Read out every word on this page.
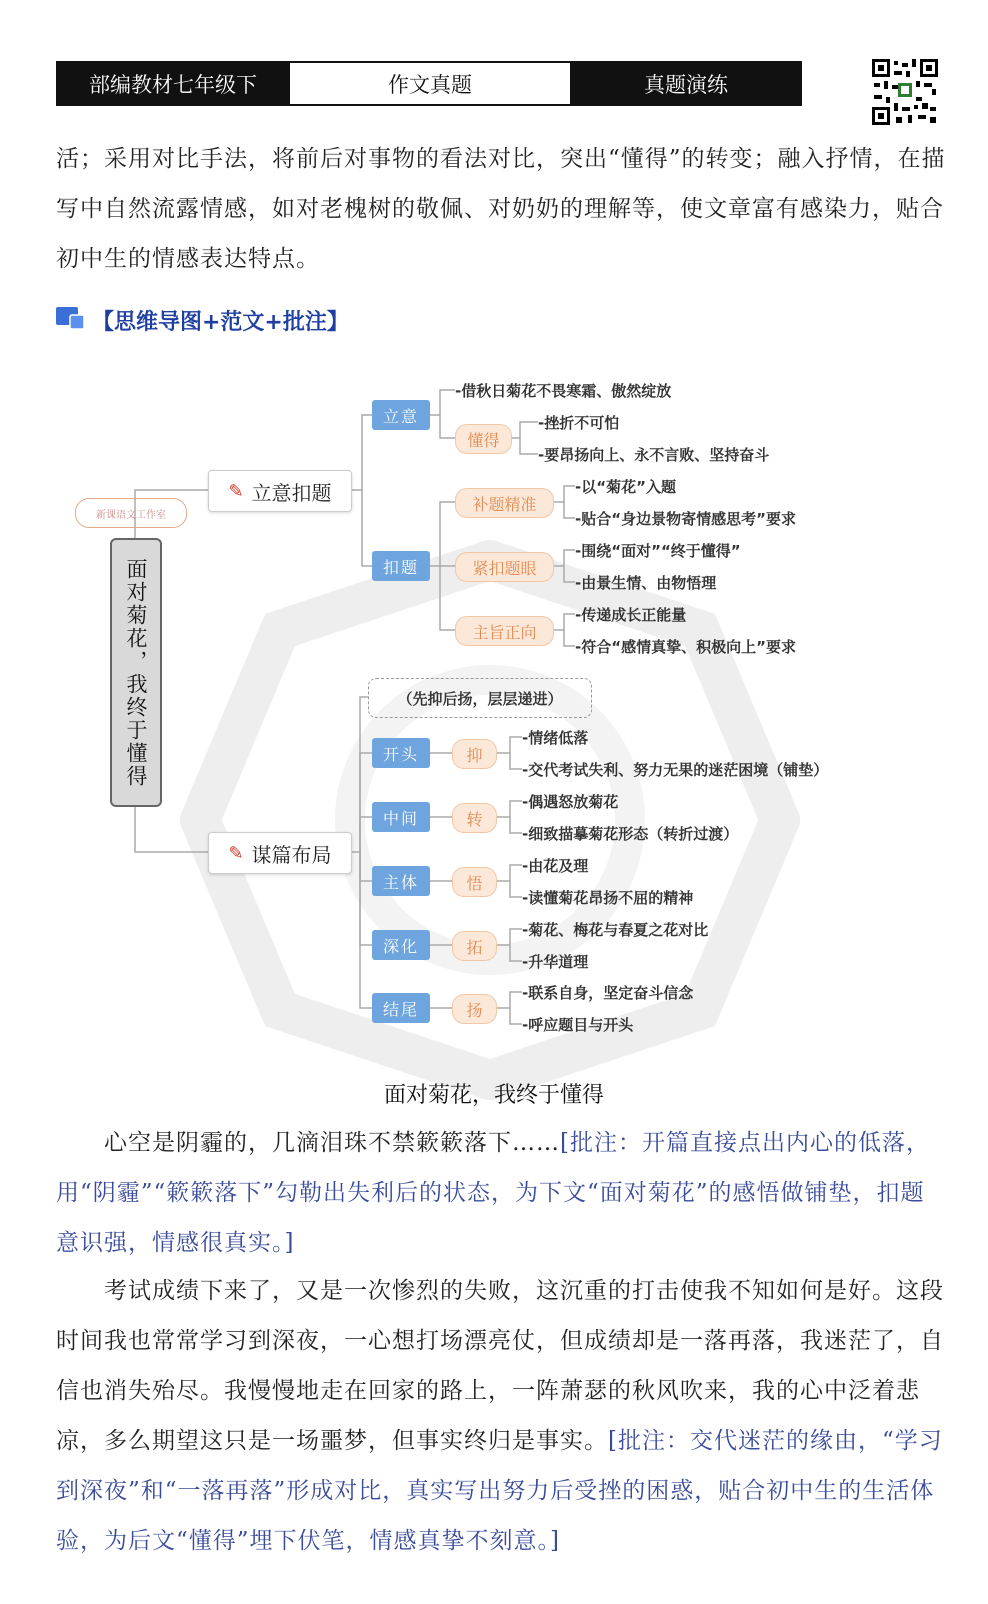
部编教材七年级下	作文真题	真题演练

活；采用对比手法，将前后对事物的看法对比，突出“懂得”的转变；融入抒情，在描写中自然流露情感，如对老槐树的敬佩、对奶奶的理解等，使文章富有感染力，贴合初中生的情感表达特点。

【思维导图+范文+批注】
新课语文工作室
面对菊花，我终于懂得
✎ 立意扣题
立意
-借秋日菊花不畏寒霜、傲然绽放
懂得
-挫折不可怕
-要昂扬向上、永不言败、坚持奋斗
扣题
补题精准
-以“菊花”入题
-贴合“身边景物寄情感思考”要求
紧扣题眼
-围绕“面对”“终于懂得”
-由景生情、由物悟理
主旨正向
-传递成长正能量
-符合“感情真挚、积极向上”要求
✎ 谋篇布局
（先抑后扬，层层递进）
开头	抑
-情绪低落
-交代考试失利、努力无果的迷茫困境（铺垫）
中间	转
-偶遇怒放菊花
-细致描摹菊花形态（转折过渡）
主体	悟
-由花及理
-读懂菊花昂扬不屈的精神
深化	拓
-菊花、梅花与春夏之花对比
-升华道理
结尾	扬
-联系自身，坚定奋斗信念
-呼应题目与开头
面对菊花，我终于懂得

心空是阴霾的，几滴泪珠不禁簌簌落下……[批注：开篇直接点出内心的低落，用“阴霾”“簌簌落下”勾勒出失利后的状态，为下文“面对菊花”的感悟做铺垫，扣题意识强，情感很真实。]

考试成绩下来了，又是一次惨烈的失败，这沉重的打击使我不知如何是好。这段时间我也常常学习到深夜，一心想打场漂亮仗，但成绩却是一落再落，我迷茫了，自信也消失殆尽。我慢慢地走在回家的路上，一阵萧瑟的秋风吹来，我的心中泛着悲凉，多么期望这只是一场噩梦，但事实终归是事实。[批注：交代迷茫的缘由，“学习到深夜”和“一落再落”形成对比，真实写出努力后受挫的困惑，贴合初中生的生活体验，为后文“懂得”埋下伏笔，情感真挚不刻意。]
